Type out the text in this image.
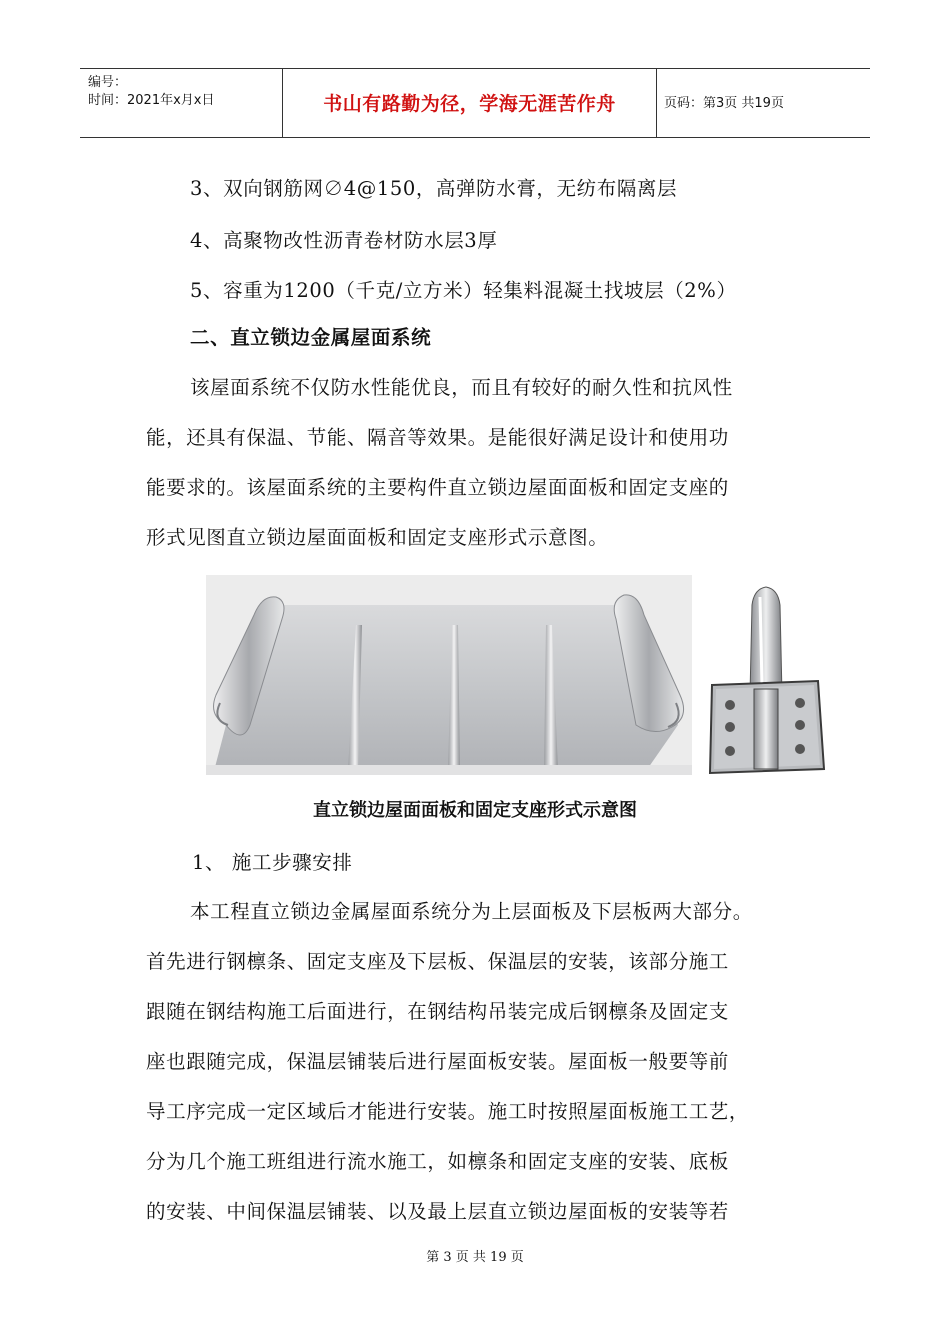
编号：
时间：2021年x月x日	书山有路勤为径，学海无涯苦作舟	页码：第3页 共19页
3、双向钢筋网∅4@150，高弹防水膏，无纺布隔离层
4、高聚物改性沥青卷材防水层3厚
5、容重为1200（千克/立方米）轻集料混凝土找坡层（2%）
二、直立锁边金属屋面系统
该屋面系统不仅防水性能优良，而且有较好的耐久性和抗风性
能，还具有保温、节能、隔音等效果。是能很好满足设计和使用功
能要求的。该屋面系统的主要构件直立锁边屋面面板和固定支座的
形式见图直立锁边屋面面板和固定支座形式示意图。
直立锁边屋面面板和固定支座形式示意图
1、 施工步骤安排
本工程直立锁边金属屋面系统分为上层面板及下层板两大部分。
首先进行钢檩条、固定支座及下层板、保温层的安装，该部分施工
跟随在钢结构施工后面进行，在钢结构吊装完成后钢檩条及固定支
座也跟随完成，保温层铺装后进行屋面板安装。屋面板一般要等前
导工序完成一定区域后才能进行安装。施工时按照屋面板施工工艺，
分为几个施工班组进行流水施工，如檩条和固定支座的安装、底板
的安装、中间保温层铺装、以及最上层直立锁边屋面板的安装等若
第 3 页 共 19 页
